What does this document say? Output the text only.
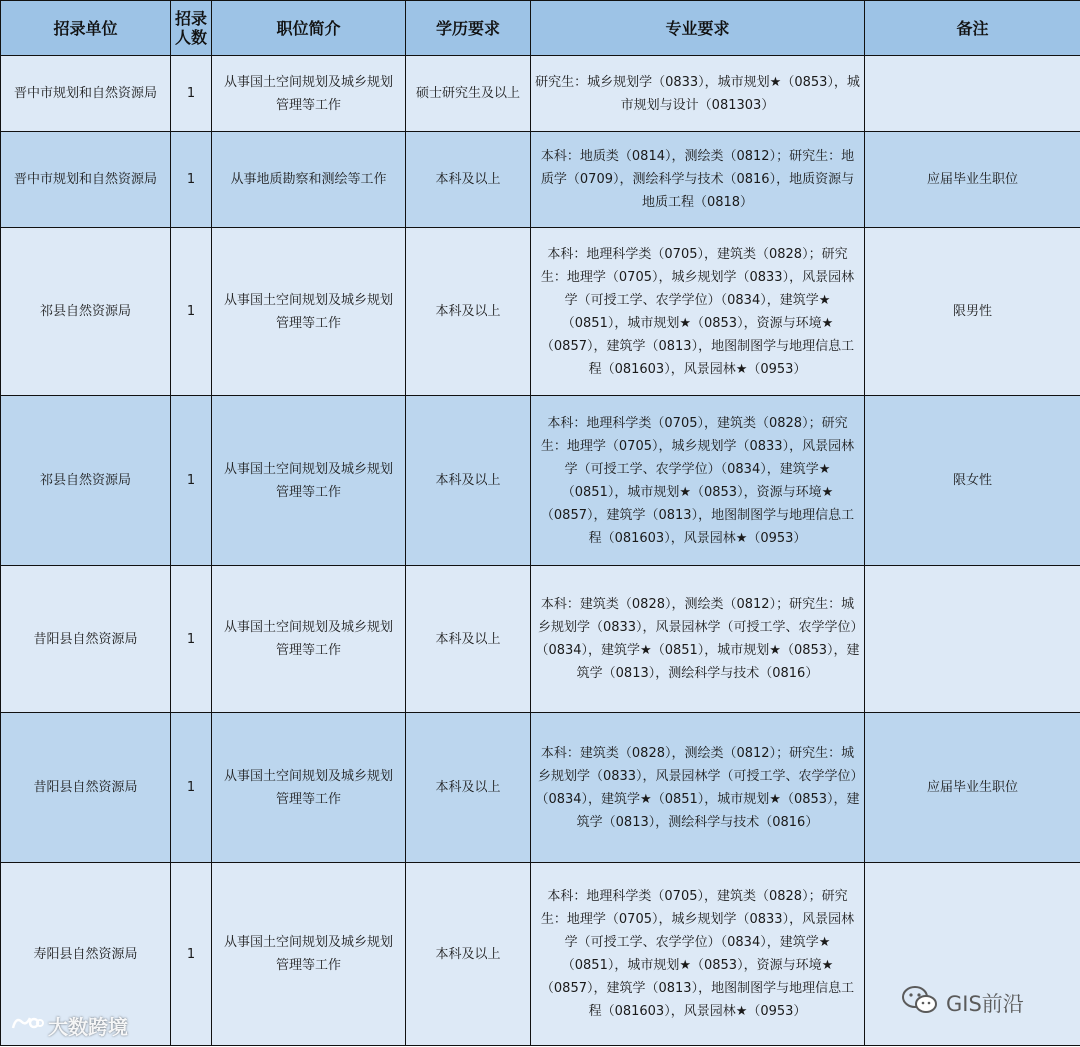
招录单位	招录人数	职位简介	学历要求	专业要求	备注
晋中市规划和自然资源局	1	从事国土空间规划及城乡规划管理等工作	硕士研究生及以上	研究生：城乡规划学（0833），城市规划★（0853），城市规划与设计（081303）	
晋中市规划和自然资源局	1	从事地质勘察和测绘等工作	本科及以上	本科：地质类（0814），测绘类（0812）；研究生：地质学（0709），测绘科学与技术（0816），地质资源与地质工程（0818）	应届毕业生职位
祁县自然资源局	1	从事国土空间规划及城乡规划管理等工作	本科及以上	本科：地理科学类（0705），建筑类（0828）；研究生：地理学（0705），城乡规划学（0833），风景园林学（可授工学、农学学位）（0834），建筑学★（0851），城市规划★（0853），资源与环境★（0857），建筑学（0813），地图制图学与地理信息工程（081603），风景园林★（0953）	限男性
祁县自然资源局	1	从事国土空间规划及城乡规划管理等工作	本科及以上	本科：地理科学类（0705），建筑类（0828）；研究生：地理学（0705），城乡规划学（0833），风景园林学（可授工学、农学学位）（0834），建筑学★（0851），城市规划★（0853），资源与环境★（0857），建筑学（0813），地图制图学与地理信息工程（081603），风景园林★（0953）	限女性
昔阳县自然资源局	1	从事国土空间规划及城乡规划管理等工作	本科及以上	本科：建筑类（0828），测绘类（0812）；研究生：城乡规划学（0833），风景园林学（可授工学、农学学位）（0834），建筑学★（0851），城市规划★（0853），建筑学（0813），测绘科学与技术（0816）	
昔阳县自然资源局	1	从事国土空间规划及城乡规划管理等工作	本科及以上	本科：建筑类（0828），测绘类（0812）；研究生：城乡规划学（0833），风景园林学（可授工学、农学学位）（0834），建筑学★（0851），城市规划★（0853），建筑学（0813），测绘科学与技术（0816）	应届毕业生职位
寿阳县自然资源局	1	从事国土空间规划及城乡规划管理等工作	本科及以上	本科：地理科学类（0705），建筑类（0828）；研究生：地理学（0705），城乡规划学（0833），风景园林学（可授工学、农学学位）（0834），建筑学★（0851），城市规划★（0853），资源与环境★（0857），建筑学（0813），地图制图学与地理信息工程（081603），风景园林★（0953）	
大数跨境
GIS前沿
